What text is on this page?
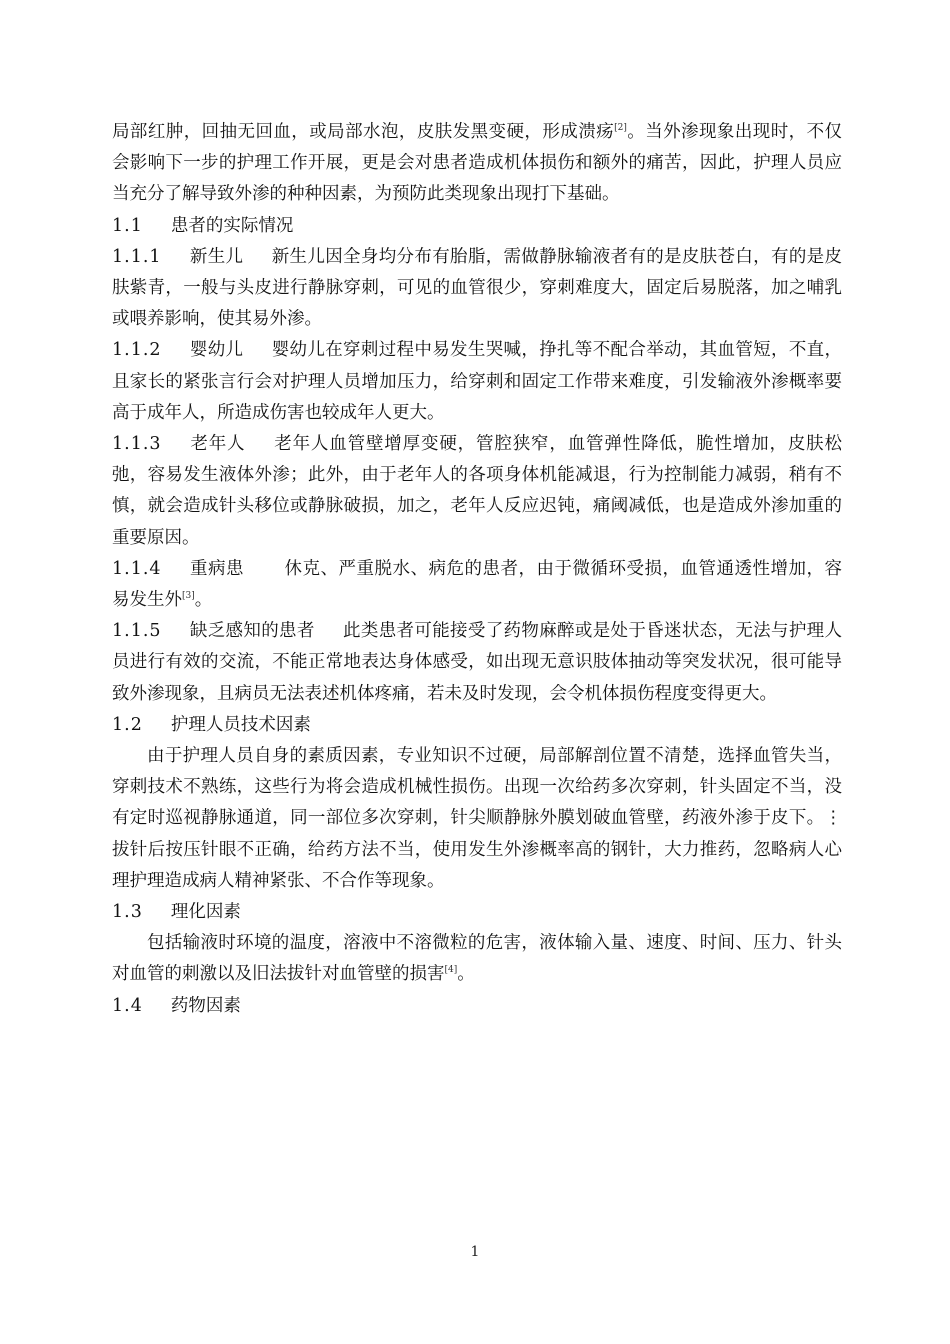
局部红肿，回抽无回血，或局部水泡，皮肤发黑变硬，形成溃疡[2]。当外渗现象出现时，不仅会影响下一步的护理工作开展，更是会对患者造成机体损伤和额外的痛苦，因此，护理人员应当充分了解导致外渗的种种因素，为预防此类现象出现打下基础。

1.1 患者的实际情况

1.1.1 新生儿 新生儿因全身均分布有胎脂，需做静脉输液者有的是皮肤苍白，有的是皮肤紫青，一般与头皮进行静脉穿刺，可见的血管很少，穿刺难度大，固定后易脱落，加之哺乳或喂养影响，使其易外渗。

1.1.2 婴幼儿 婴幼儿在穿刺过程中易发生哭喊，挣扎等不配合举动，其血管短，不直，且家长的紧张言行会对护理人员增加压力，给穿刺和固定工作带来难度，引发输液外渗概率要高于成年人，所造成伤害也较成年人更大。

1.1.3 老年人 老年人血管壁增厚变硬，管腔狭窄，血管弹性降低，脆性增加，皮肤松弛，容易发生液体外渗；此外，由于老年人的各项身体机能减退，行为控制能力减弱，稍有不慎，就会造成针头移位或静脉破损，加之，老年人反应迟钝，痛阈减低，也是造成外渗加重的重要原因。

1.1.4 重病患 休克、严重脱水、病危的患者，由于微循环受损，血管通透性增加，容易发生外[3]。

1.1.5 缺乏感知的患者 此类患者可能接受了药物麻醉或是处于昏迷状态，无法与护理人员进行有效的交流，不能正常地表达身体感受，如出现无意识肢体抽动等突发状况，很可能导致外渗现象，且病员无法表述机体疼痛，若未及时发现，会令机体损伤程度变得更大。

1.2 护理人员技术因素

由于护理人员自身的素质因素，专业知识不过硬，局部解剖位置不清楚，选择血管失当，穿刺技术不熟练，这些行为将会造成机械性损伤。出现一次给药多次穿刺，针头固定不当，没有定时巡视静脉通道，同一部位多次穿刺，针尖顺静脉外膜划破血管壁，药液外渗于皮下。⋮拔针后按压针眼不正确，给药方法不当，使用发生外渗概率高的钢针，大力推药，忽略病人心理护理造成病人精神紧张、不合作等现象。

1.3 理化因素

包括输液时环境的温度，溶液中不溶微粒的危害，液体输入量、速度、时间、压力、针头对血管的刺激以及旧法拔针对血管壁的损害[4]。

1.4 药物因素

1
